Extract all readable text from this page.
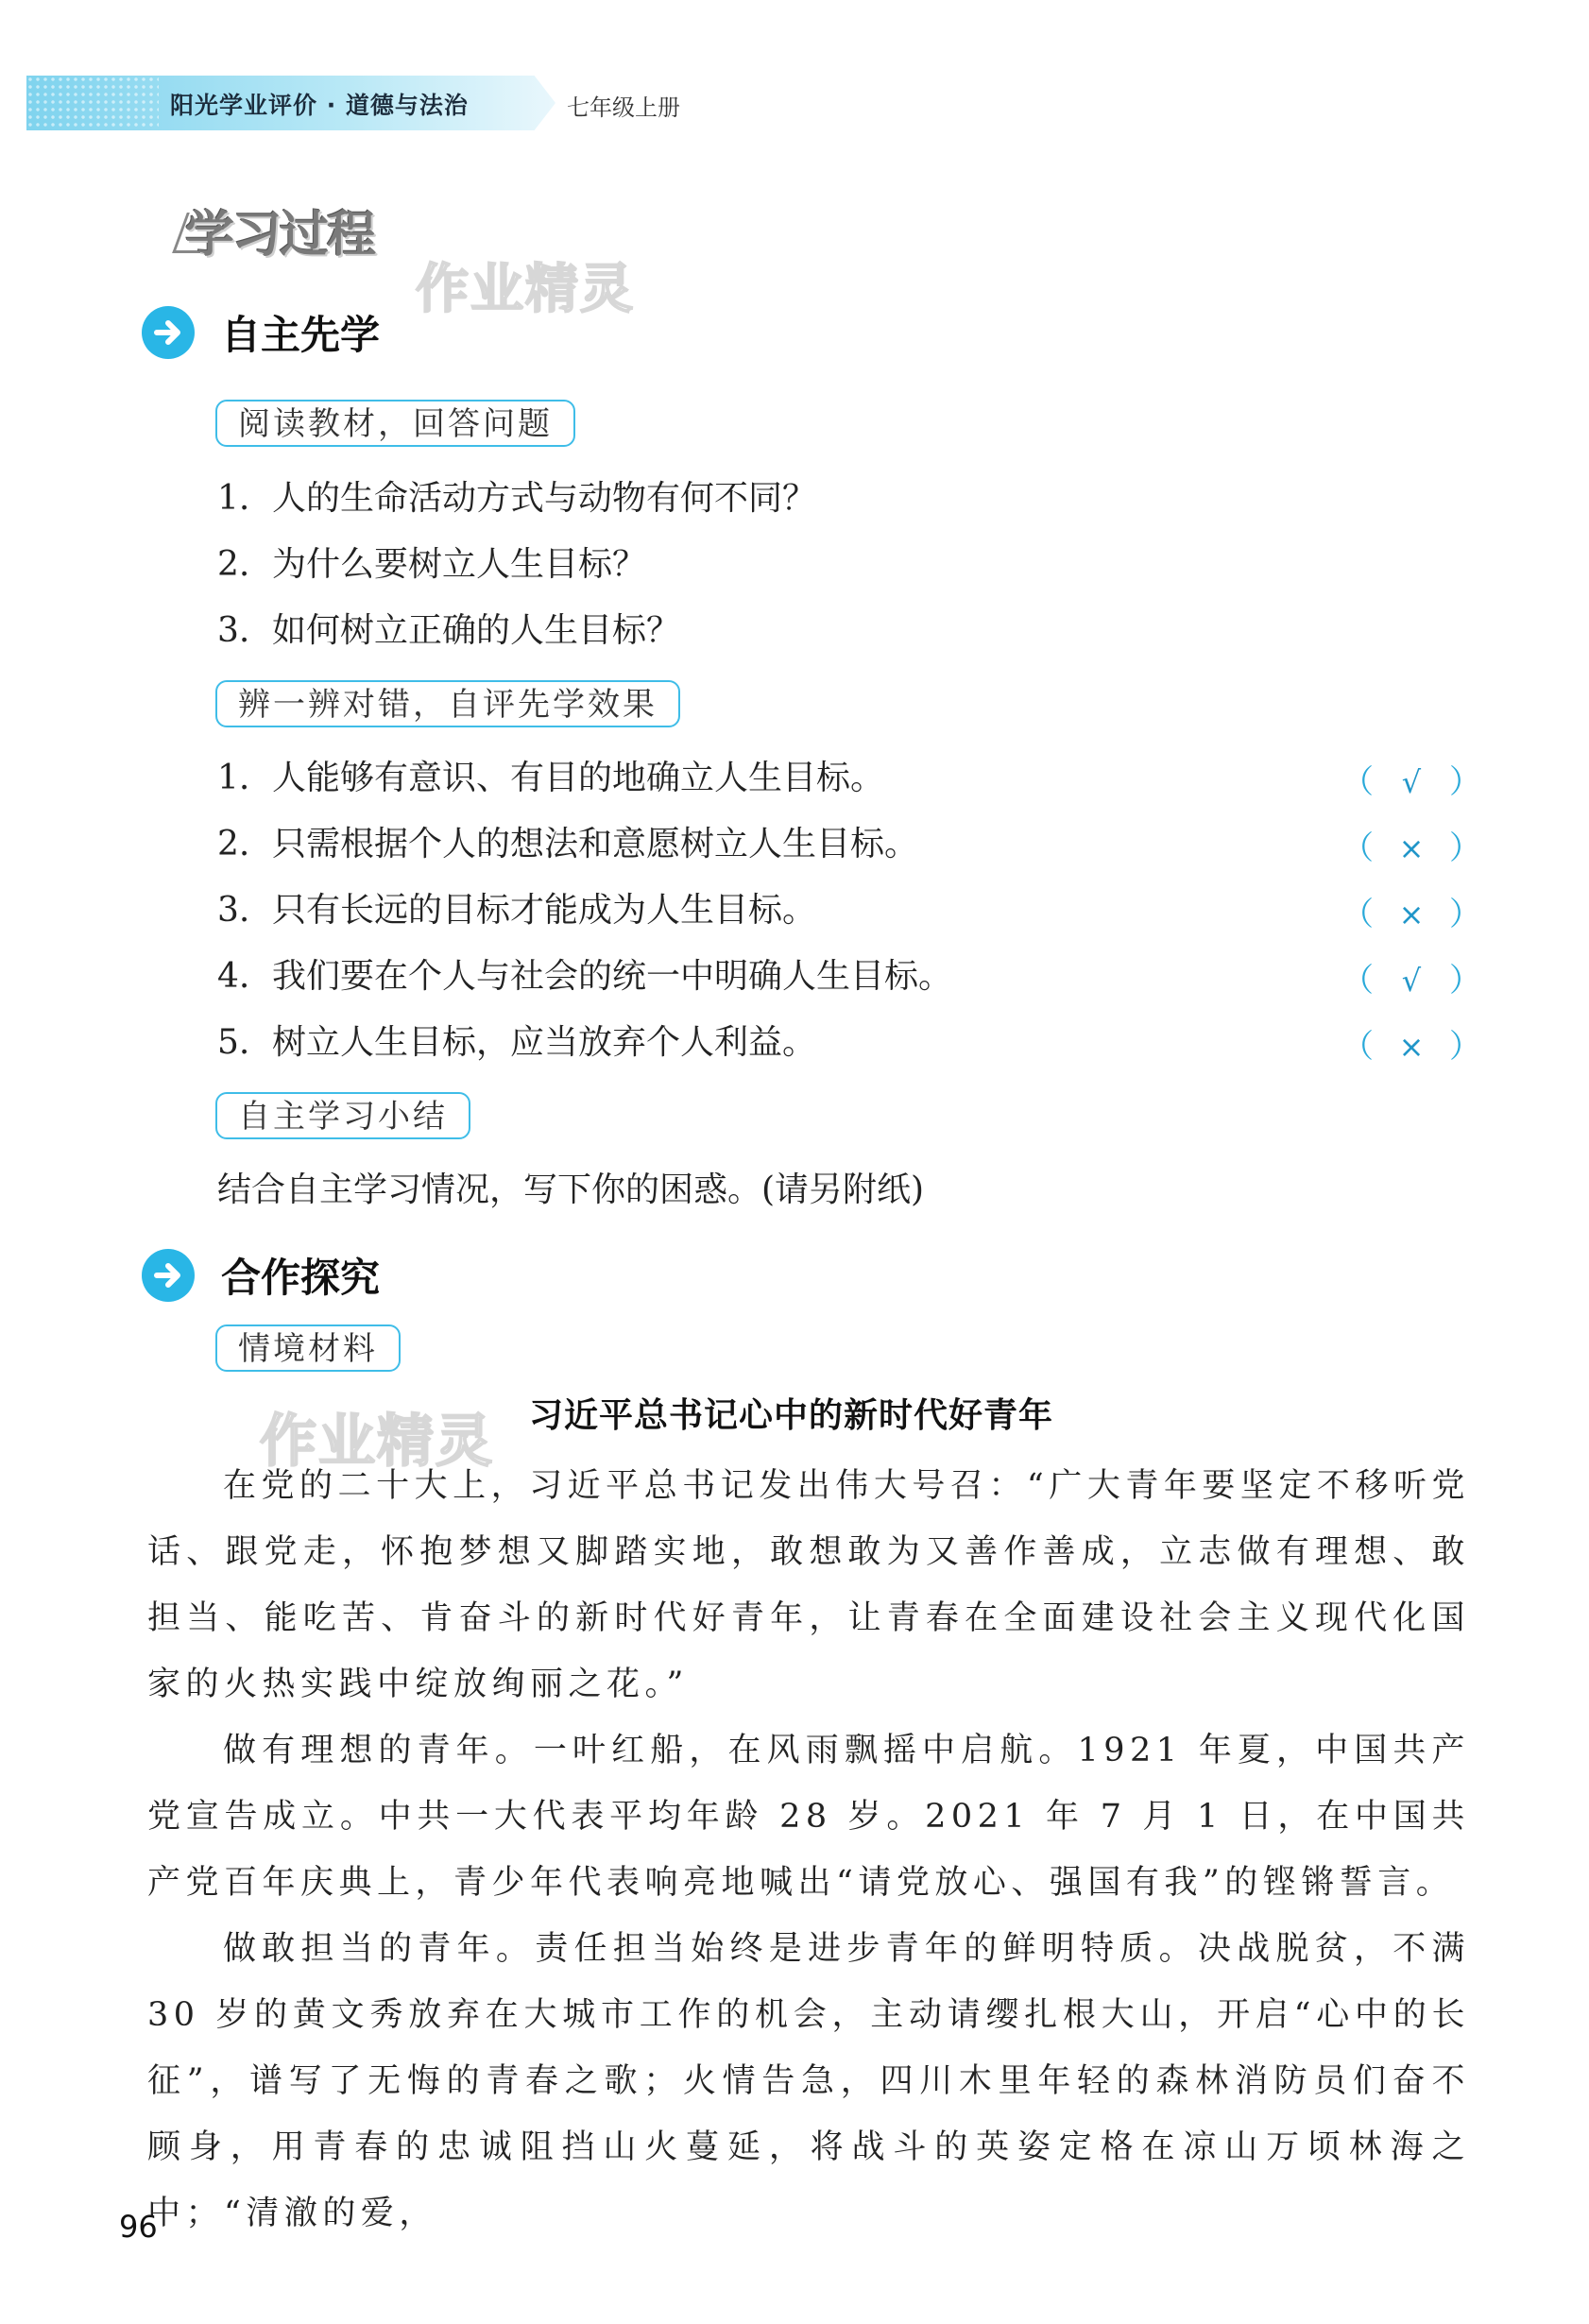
阳光学业评价 · 道德与法治	七年级上册
学习过程
作业精灵
自主先学
阅读教材，回答问题
1. 人的生命活动方式与动物有何不同？
2. 为什么要树立人生目标？
3. 如何树立正确的人生目标？
辨一辨对错，自评先学效果
1. 人能够有意识、有目的地确立人生目标。	（ √ ）
2. 只需根据个人的想法和意愿树立人生目标。	（ × ）
3. 只有长远的目标才能成为人生目标。	（ × ）
4. 我们要在个人与社会的统一中明确人生目标。	（ √ ）
5. 树立人生目标，应当放弃个人利益。	（ × ）
自主学习小结
结合自主学习情况，写下你的困惑。(请另附纸)
合作探究
情境材料
作业精灵 习近平总书记心中的新时代好青年
在党的二十大上，习近平总书记发出伟大号召：“广大青年要坚定不移听党话、跟党走，怀抱梦想又脚踏实地，敢想敢为又善作善成，立志做有理想、敢担当、能吃苦、肯奋斗的新时代好青年，让青春在全面建设社会主义现代化国家的火热实践中绽放绚丽之花。”
做有理想的青年。一叶红船，在风雨飘摇中启航。1921 年夏，中国共产党宣告成立。中共一大代表平均年龄 28 岁。2021 年 7 月 1 日，在中国共产党百年庆典上，青少年代表响亮地喊出“请党放心、强国有我”的铿锵誓言。
做敢担当的青年。责任担当始终是进步青年的鲜明特质。决战脱贫，不满 30 岁的黄文秀放弃在大城市工作的机会，主动请缨扎根大山，开启“心中的长征”，谱写了无悔的青春之歌；火情告急，四川木里年轻的森林消防员们奋不顾身，用青春的忠诚阻挡山火蔓延，将战斗的英姿定格在凉山万顷林海之中；“清澈的爱，
96
